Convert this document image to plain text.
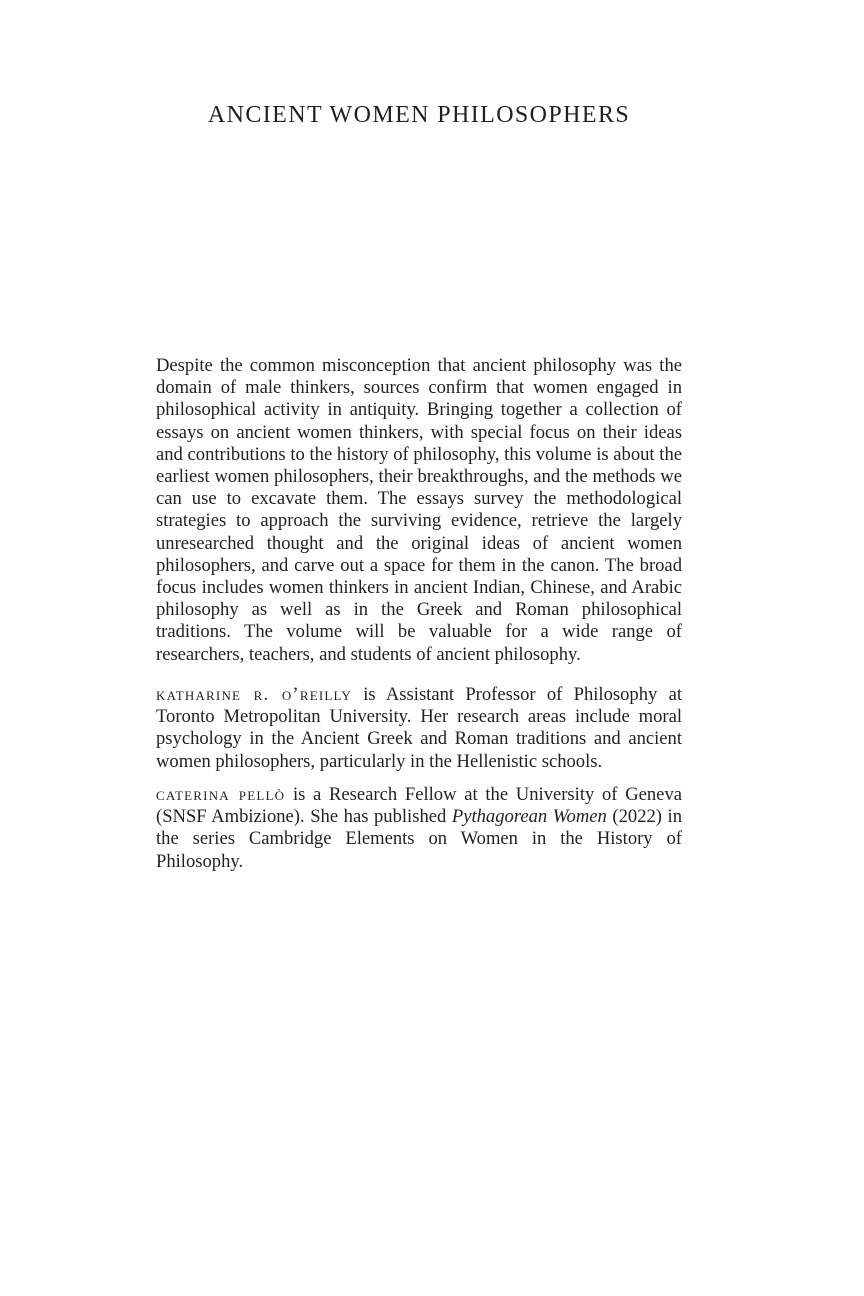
ANCIENT WOMEN PHILOSOPHERS

Despite the common misconception that ancient philosophy was the domain of male thinkers, sources confirm that women engaged in philosophical activity in antiquity. Bringing together a collection of essays on ancient women thinkers, with special focus on their ideas and contributions to the history of philosophy, this volume is about the earliest women philosophers, their breakthroughs, and the methods we can use to excavate them. The essays survey the methodological strategies to approach the surviving evidence, retrieve the largely unresearched thought and the original ideas of ancient women philosophers, and carve out a space for them in the canon. The broad focus includes women thinkers in ancient Indian, Chinese, and Arabic philosophy as well as in the Greek and Roman philosophical traditions. The volume will be valuable for a wide range of researchers, teachers, and students of ancient philosophy.

katharine r. o’reilly is Assistant Professor of Philosophy at Toronto Metropolitan University. Her research areas include moral psychology in the Ancient Greek and Roman traditions and ancient women philosophers, particularly in the Hellenistic schools.

caterina pellò is a Research Fellow at the University of Geneva (SNSF Ambizione). She has published Pythagorean Women (2022) in the series Cambridge Elements on Women in the History of Philosophy.
